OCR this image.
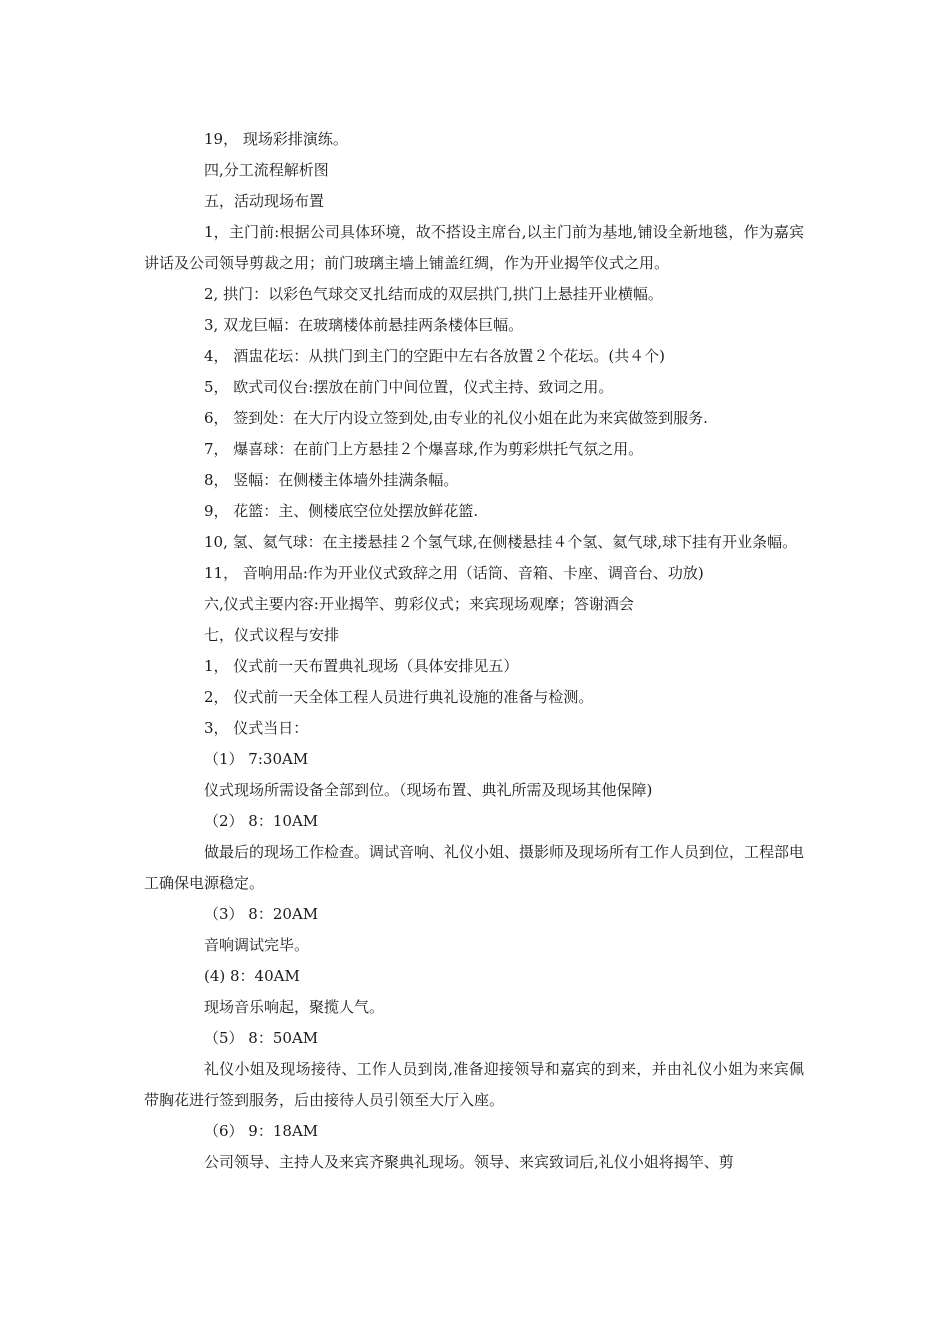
19， 现场彩排演练。
四,分工流程解析图
五，活动现场布置
1，主门前:根据公司具体环境，故不搭设主席台,以主门前为基地,铺设全新地毯，作为嘉宾讲话及公司领导剪裁之用；前门玻璃主墙上铺盖红绸，作为开业揭竿仪式之用。
2, 拱门：以彩色气球交叉扎结而成的双层拱门,拱门上悬挂开业横幅。
3, 双龙巨幅：在玻璃楼体前悬挂两条楼体巨幅。
4， 酒盅花坛：从拱门到主门的空距中左右各放置２个花坛。(共４个)
5， 欧式司仪台:摆放在前门中间位置，仪式主持、致词之用。
6， 签到处：在大厅内设立签到处,由专业的礼仪小姐在此为来宾做签到服务.
7， 爆喜球：在前门上方悬挂２个爆喜球,作为剪彩烘托气氛之用。
8， 竖幅：在侧楼主体墙外挂满条幅。
9， 花篮：主、侧楼底空位处摆放鲜花篮.
10, 氢、氦气球：在主搂悬挂２个氢气球,在侧楼悬挂４个氢、氦气球,球下挂有开业条幅。
11， 音响用品:作为开业仪式致辞之用（话筒、音箱、卡座、调音台、功放)
六,仪式主要内容:开业揭竿、剪彩仪式；来宾现场观摩；答谢酒会
七，仪式议程与安排
1， 仪式前一天布置典礼现场（具体安排见五）
2， 仪式前一天全体工程人员进行典礼设施的准备与检测。
3， 仪式当日：
（1） 7:30AM
仪式现场所需设备全部到位。（现场布置、典礼所需及现场其他保障)
（2） 8：10AM
做最后的现场工作检查。调试音响、礼仪小姐、摄影师及现场所有工作人员到位，工程部电工确保电源稳定。
（3） 8：20AM
音响调试完毕。
(4) 8：40AM
现场音乐响起，聚揽人气。
（5） 8：50AM
礼仪小姐及现场接待、工作人员到岗,准备迎接领导和嘉宾的到来，并由礼仪小姐为来宾佩带胸花进行签到服务，后由接待人员引领至大厅入座。
（6） 9：18AM
公司领导、主持人及来宾齐聚典礼现场。领导、来宾致词后,礼仪小姐将揭竿、剪
